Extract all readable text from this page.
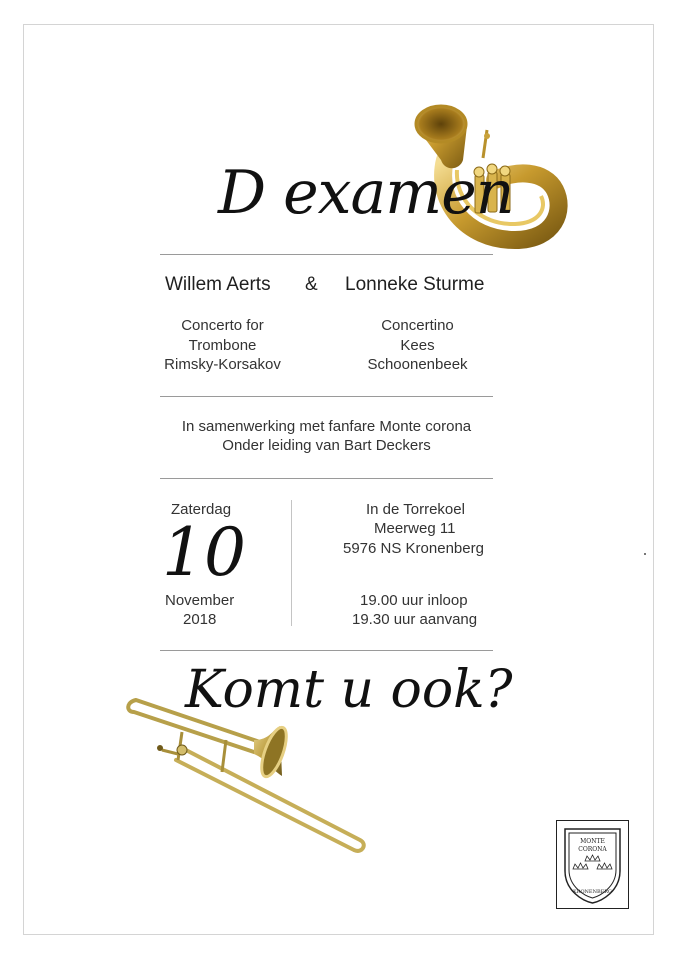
D examen
Willem Aerts & Lonneke Sturme
Concerto for
Trombone
Rimsky-Korsakov
Concertino
Kees
Schoonenbeek
In samenwerking met fanfare Monte corona
Onder leiding van Bart Deckers
Zaterdag
10
November
2018
In de Torrekoel
Meerweg 11
5976 NS Kronenberg
19.00 uur inloop
19.30 uur aanvang
Komt u ook?
MONTE
CORONA
KRONENBERG
